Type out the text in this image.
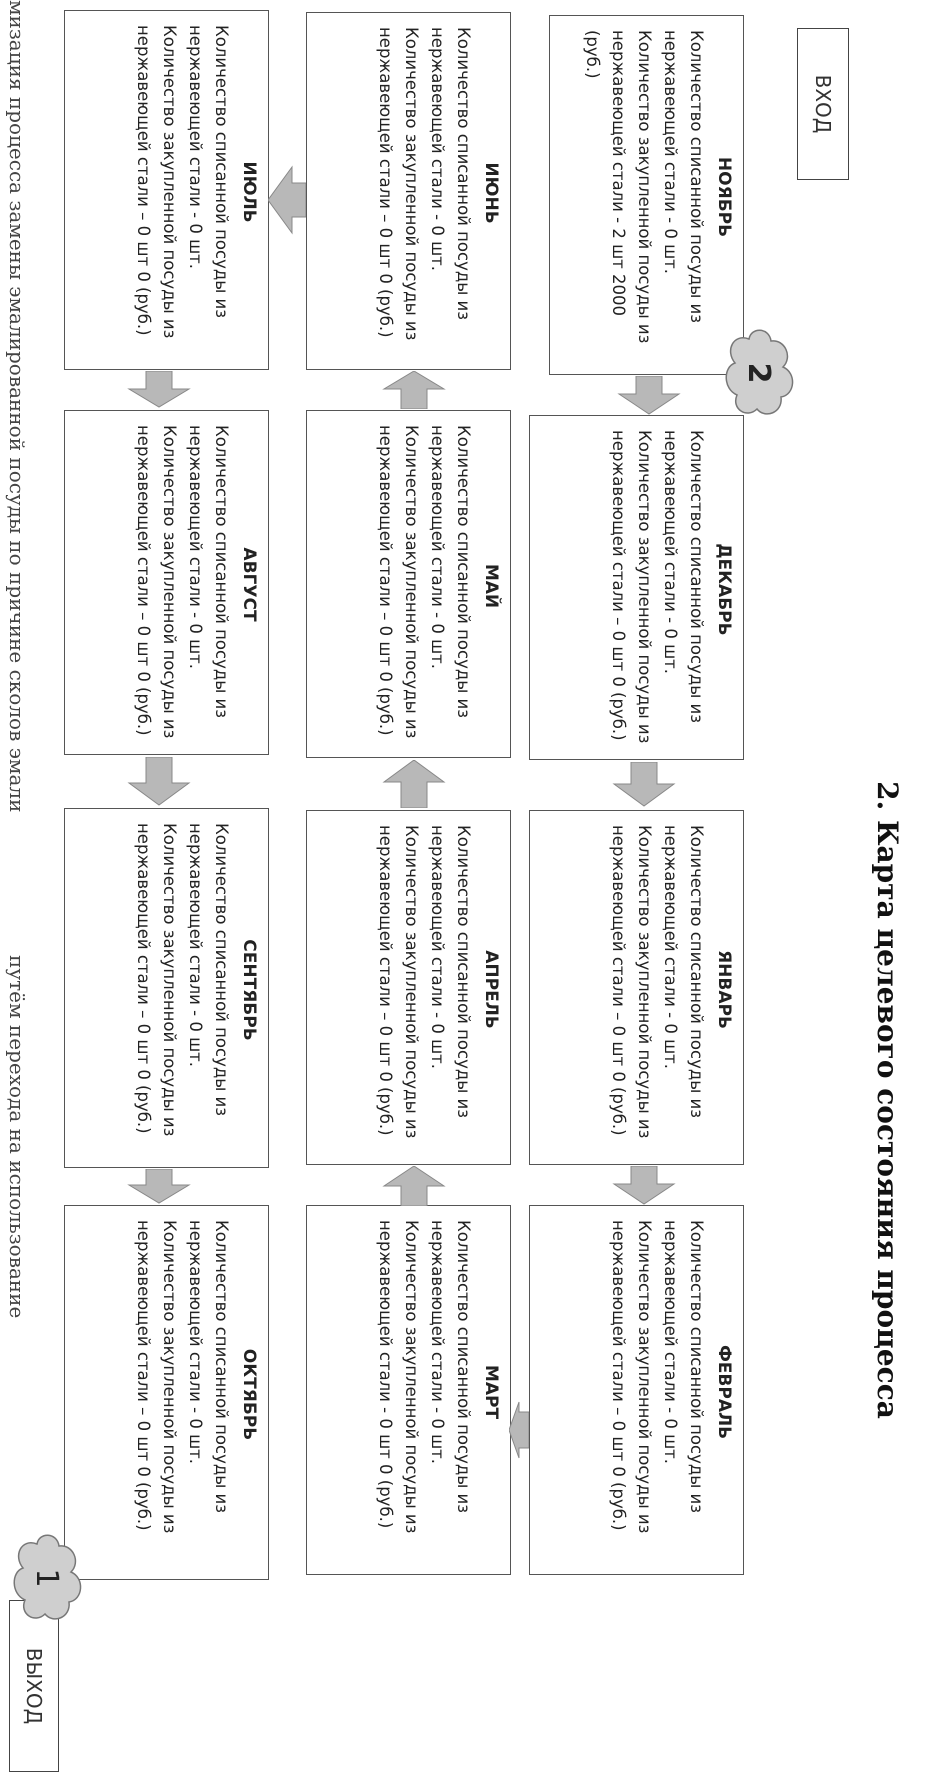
ВХОД
ВЫХОД
2. Карта целевого состояния процесса
НОЯБРЬ
Количество списанной посуды из нержавеющей стали - 0 шт. Количество закупленной посуды из нержавеющей стали - 2 шт 2000 (руб.)
ДЕКАБРЬ
Количество списанной посуды из нержавеющей стали - 0 шт. Количество закупленной посуды из нержавеющей стали – 0 шт 0 (руб.)
ЯНВАРЬ
Количество списанной посуды из нержавеющей стали - 0 шт. Количество закупленной посуды из нержавеющей стали – 0 шт 0 (руб.)
ФЕВРАЛЬ
Количество списанной посуды из нержавеющей стали - 0 шт. Количество закупленной посуды из нержавеющей стали – 0 шт 0 (руб.)
ИЮНЬ
Количество списанной посуды из нержавеющей стали - 0 шт. Количество закупленной посуды из нержавеющей стали – 0 шт 0 (руб.)
МАЙ
Количество списанной посуды из нержавеющей стали - 0 шт. Количество закупленной посуды из нержавеющей стали – 0 шт 0 (руб.)
АПРЕЛЬ
Количество списанной посуды из нержавеющей стали - 0 шт. Количество закупленной посуды из нержавеющей стали – 0 шт 0 (руб.)
МАРТ
Количество списанной посуды из нержавеющей стали - 0 шт. Количество закупленной посуды из нержавеющей стали - 0 шт 0 (руб.)
ИЮЛЬ
Количество списанной посуды из нержавеющей стали - 0 шт. Количество закупленной посуды из нержавеющей стали – 0 шт 0 (руб.)
АВГУСТ
Количество списанной посуды из нержавеющей стали - 0 шт. Количество закупленной посуды из нержавеющей стали – 0 шт 0 (руб.)
СЕНТЯБРЬ
Количество списанной посуды из нержавеющей стали - 0 шт. Количество закупленной посуды из нержавеющей стали – 0 шт 0 (руб.)
ОКТЯБРЬ
Количество списанной посуды из нержавеющей стали - 0 шт. Количество закупленной посуды из нержавеющей стали – 0 шт 0 (руб.)
2
1
мизация процесса замены эмалированной посуды по причине сколов эмали
путём перехода на использование
